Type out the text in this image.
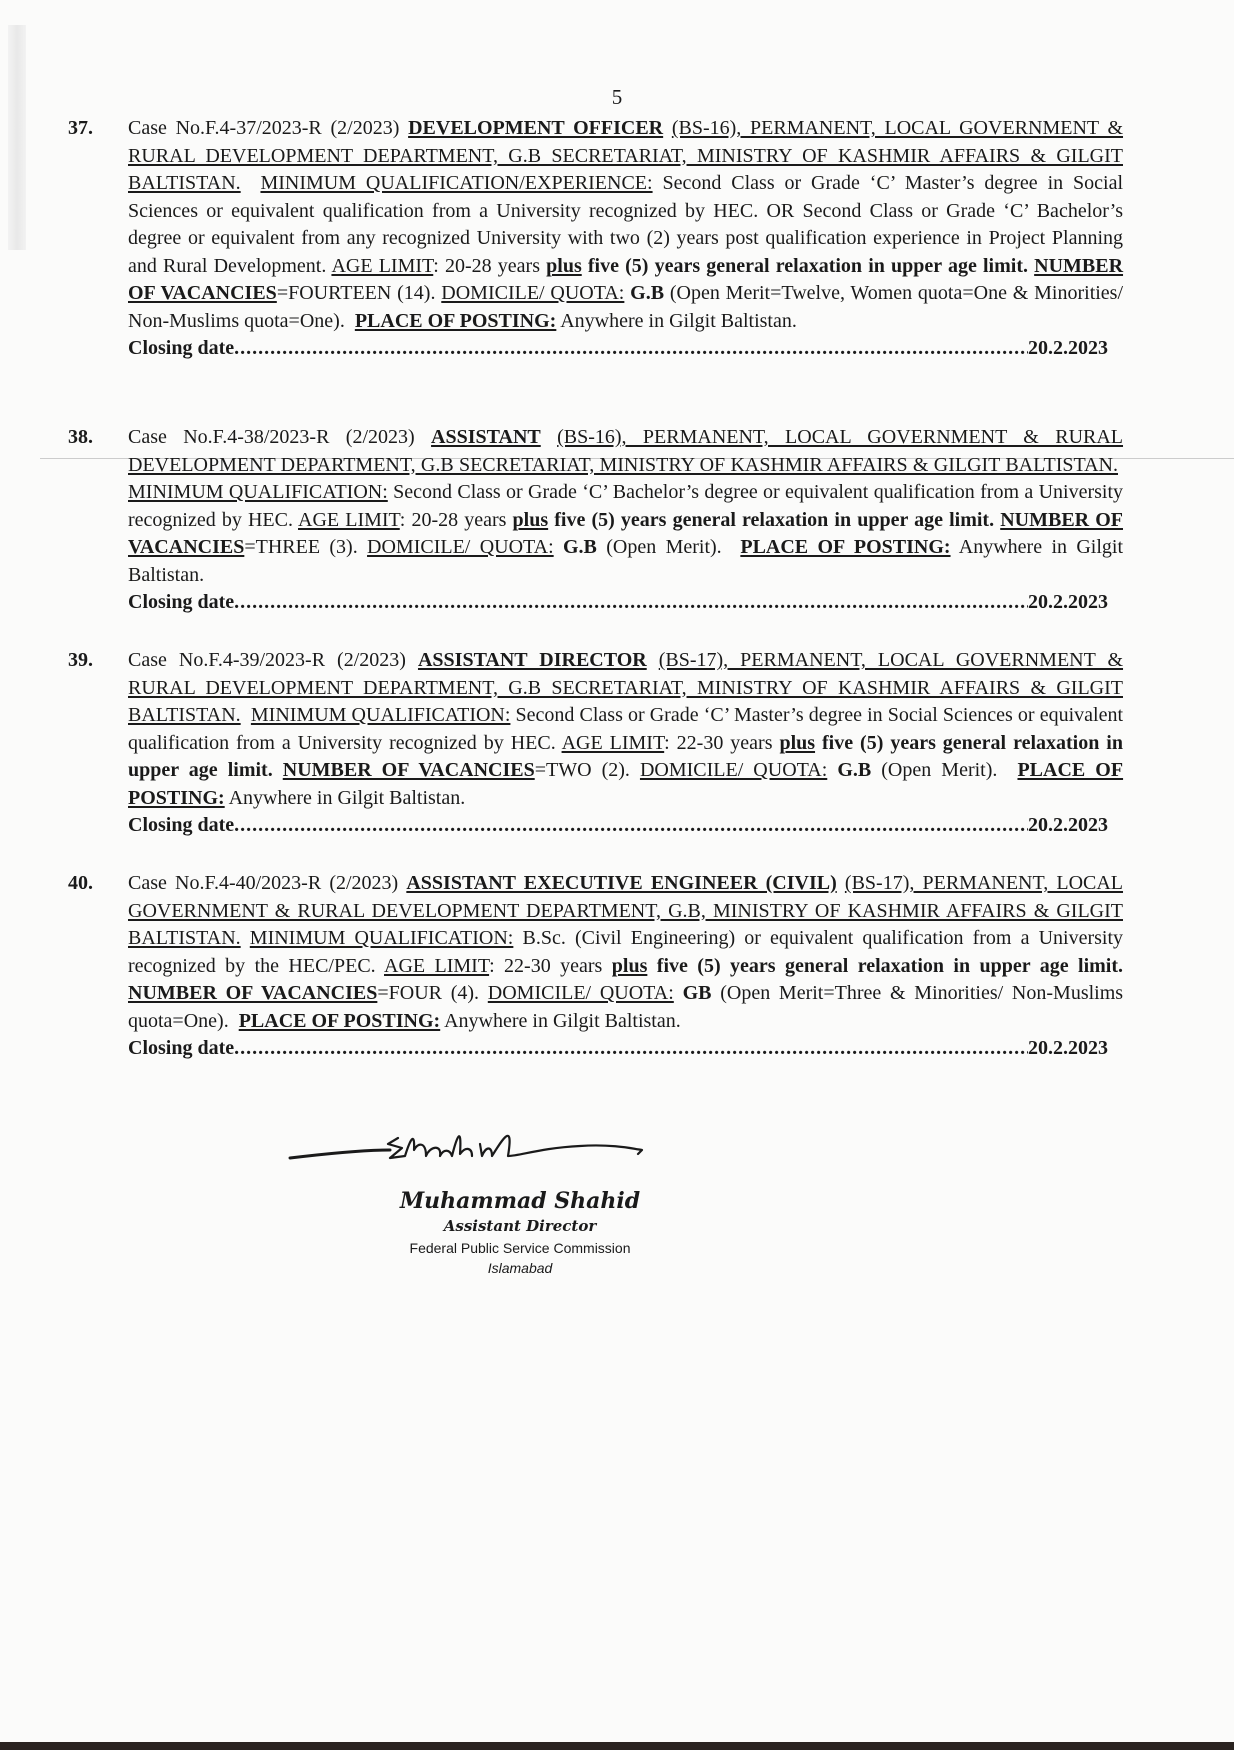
5
37. Case No.F.4-37/2023-R (2/2023) DEVELOPMENT OFFICER (BS-16), PERMANENT, LOCAL GOVERNMENT & RURAL DEVELOPMENT DEPARTMENT, G.B SECRETARIAT, MINISTRY OF KASHMIR AFFAIRS & GILGIT BALTISTAN. MINIMUM QUALIFICATION/EXPERIENCE: Second Class or Grade ‘C’ Master’s degree in Social Sciences or equivalent qualification from a University recognized by HEC. OR Second Class or Grade ‘C’ Bachelor’s degree or equivalent from any recognized University with two (2) years post qualification experience in Project Planning and Rural Development. AGE LIMIT: 20-28 years plus five (5) years general relaxation in upper age limit. NUMBER OF VACANCIES=FOURTEEN (14). DOMICILE/ QUOTA: G.B (Open Merit=Twelve, Women quota=One & Minorities/ Non-Muslims quota=One). PLACE OF POSTING: Anywhere in Gilgit Baltistan.
Closing date .....	20.2.2023
38. Case No.F.4-38/2023-R (2/2023) ASSISTANT (BS-16), PERMANENT, LOCAL GOVERNMENT & RURAL DEVELOPMENT DEPARTMENT, G.B SECRETARIAT, MINISTRY OF KASHMIR AFFAIRS & GILGIT BALTISTAN.  MINIMUM QUALIFICATION: Second Class or Grade ‘C’ Bachelor’s degree or equivalent qualification from a University recognized by HEC. AGE LIMIT: 20-28 years plus five (5) years general relaxation in upper age limit. NUMBER OF VACANCIES=THREE (3). DOMICILE/ QUOTA: G.B (Open Merit). PLACE OF POSTING: Anywhere in Gilgit Baltistan.
Closing date .....	20.2.2023
39. Case No.F.4-39/2023-R (2/2023) ASSISTANT DIRECTOR (BS-17), PERMANENT, LOCAL GOVERNMENT & RURAL DEVELOPMENT DEPARTMENT, G.B SECRETARIAT, MINISTRY OF KASHMIR AFFAIRS & GILGIT BALTISTAN. MINIMUM QUALIFICATION: Second Class or Grade ‘C’ Master’s degree in Social Sciences or equivalent qualification from a University recognized by HEC. AGE LIMIT: 22-30 years plus five (5) years general relaxation in upper age limit. NUMBER OF VACANCIES=TWO (2). DOMICILE/ QUOTA: G.B (Open Merit). PLACE OF POSTING: Anywhere in Gilgit Baltistan.
Closing date .....	20.2.2023
40. Case No.F.4-40/2023-R (2/2023) ASSISTANT EXECUTIVE ENGINEER (CIVIL) (BS-17), PERMANENT, LOCAL GOVERNMENT & RURAL DEVELOPMENT DEPARTMENT, G.B, MINISTRY OF KASHMIR AFFAIRS & GILGIT BALTISTAN. MINIMUM QUALIFICATION: B.Sc. (Civil Engineering) or equivalent qualification from a University recognized by the HEC/PEC. AGE LIMIT: 22-30 years plus five (5) years general relaxation in upper age limit. NUMBER OF VACANCIES=FOUR (4). DOMICILE/ QUOTA: GB (Open Merit=Three & Minorities/ Non-Muslims quota=One). PLACE OF POSTING: Anywhere in Gilgit Baltistan.
Closing date .....	20.2.2023
Muhammad Shahid
Assistant Director
Federal Public Service Commission
Islamabad
